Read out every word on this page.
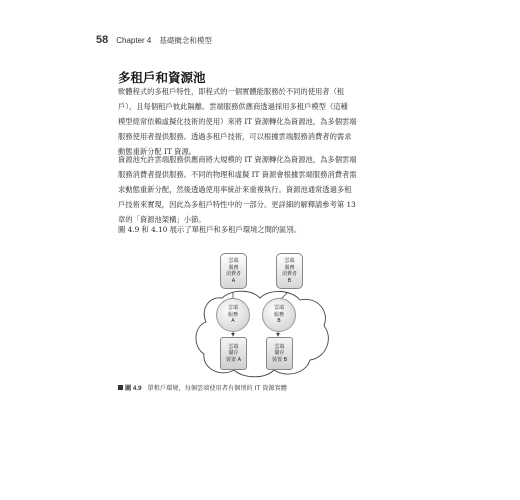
58 Chapter 4 基礎概念和模型
多租戶和資源池
軟體程式的多租戶特性，即程式的一個實體能服務於不同的使用者（租
戶），且每個租戶彼此隔離。雲端服務供應商透過採用多租戶模型（這種
模型經常依賴虛擬化技術的使用）來將 IT 資源轉化為資源池，為多個雲端
服務使用者提供服務。透過多租戶技術，可以根據雲端服務消費者的需求
動態重新分配 IT 資源。
資源池允許雲端服務供應商將大規模的 IT 資源轉化為資源池，為多個雲端
服務消費者提供服務。不同的物理和虛擬 IT 資源會根據雲端服務消費者需
求動態重新分配，然後透過使用率統計來重複執行。資源池通常透過多租
戶技術來實現，因此為多租戶特性中的一部分。更詳細的解釋請參考第 13
章的「資源池架構」小節。
圖 4.9 和 4.10 展示了單租戶和多租戶環境之間的區別。
雲端
服務
消費者
A
雲端
服務
消費者
B
雲端
服務
A
雲端
服務
B
雲端
儲存
裝置 A
雲端
儲存
裝置 B
圖 4.9 單租戶環境，每個雲端使用者有個別的 IT 資源實體
